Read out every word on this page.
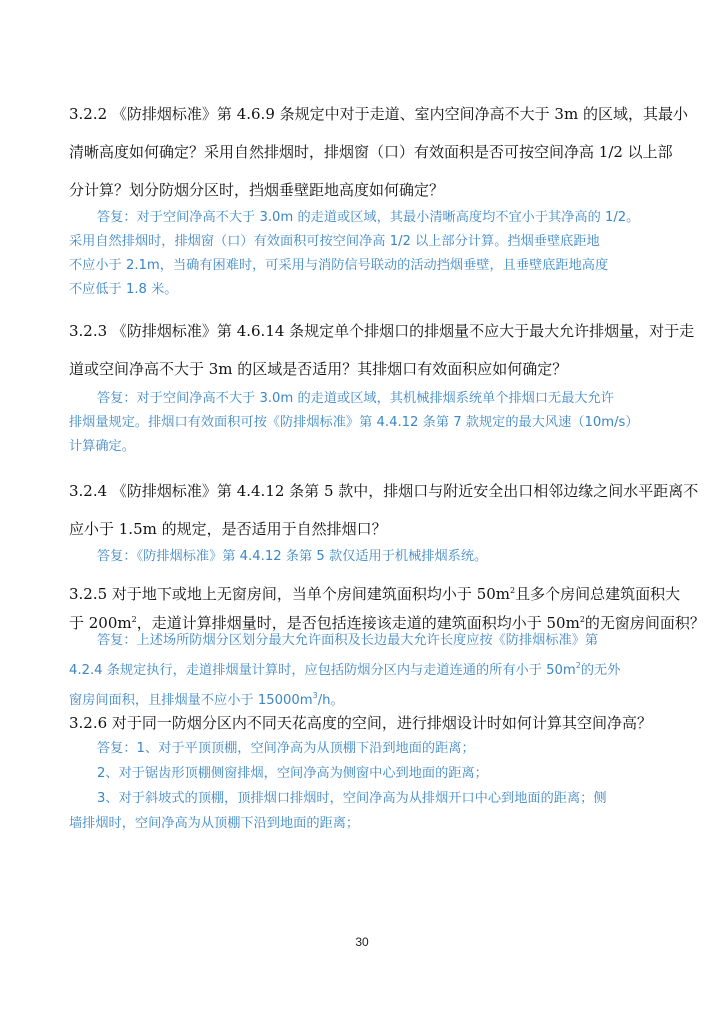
3.2.2 《防排烟标准》第 4.6.9 条规定中对于走道、室内空间净高不大于 3m 的区域，其最小
清晰高度如何确定？采用自然排烟时，排烟窗（口）有效面积是否可按空间净高 1/2 以上部
分计算？划分防烟分区时，挡烟垂壁距地高度如何确定？
答复：对于空间净高不大于 3.0m 的走道或区域，其最小清晰高度均不宜小于其净高的 1/2。
采用自然排烟时，排烟窗（口）有效面积可按空间净高 1/2 以上部分计算。挡烟垂壁底距地
不应小于 2.1m，当确有困难时，可采用与消防信号联动的活动挡烟垂壁，且垂壁底距地高度
不应低于 1.8 米。
3.2.3 《防排烟标准》第 4.6.14 条规定单个排烟口的排烟量不应大于最大允许排烟量，对于走
道或空间净高不大于 3m 的区域是否适用？其排烟口有效面积应如何确定？
答复：对于空间净高不大于 3.0m 的走道或区域，其机械排烟系统单个排烟口无最大允许
排烟量规定。排烟口有效面积可按《防排烟标准》第 4.4.12 条第 7 款规定的最大风速（10m/s）
计算确定。
3.2.4 《防排烟标准》第 4.4.12 条第 5 款中，排烟口与附近安全出口相邻边缘之间水平距离不
应小于 1.5m 的规定，是否适用于自然排烟口？
答复：《防排烟标准》第 4.4.12 条第 5 款仅适用于机械排烟系统。
3.2.5 对于地下或地上无窗房间，当单个房间建筑面积均小于 $50m^2$且多个房间总建筑面积大
于 $200m^2$，走道计算排烟量时，是否包括连接该走道的建筑面积均小于 $50m^2$的无窗房间面积？
答复：上述场所防烟分区划分最大允许面积及长边最大允许长度应按《防排烟标准》第
4.2.4 条规定执行，走道排烟量计算时，应包括防烟分区内与走道连通的所有小于 $50m^2$的无外
窗房间面积，且排烟量不应小于 $15000m^3/h$。
3.2.6 对于同一防烟分区内不同天花高度的空间，进行排烟设计时如何计算其空间净高？
答复：1、对于平顶顶棚，空间净高为从顶棚下沿到地面的距离；
2、对于锯齿形顶棚侧窗排烟，空间净高为侧窗中心到地面的距离；
3、对于斜坡式的顶棚，顶排烟口排烟时，空间净高为从排烟开口中心到地面的距离；侧
墙排烟时，空间净高为从顶棚下沿到地面的距离；
30
